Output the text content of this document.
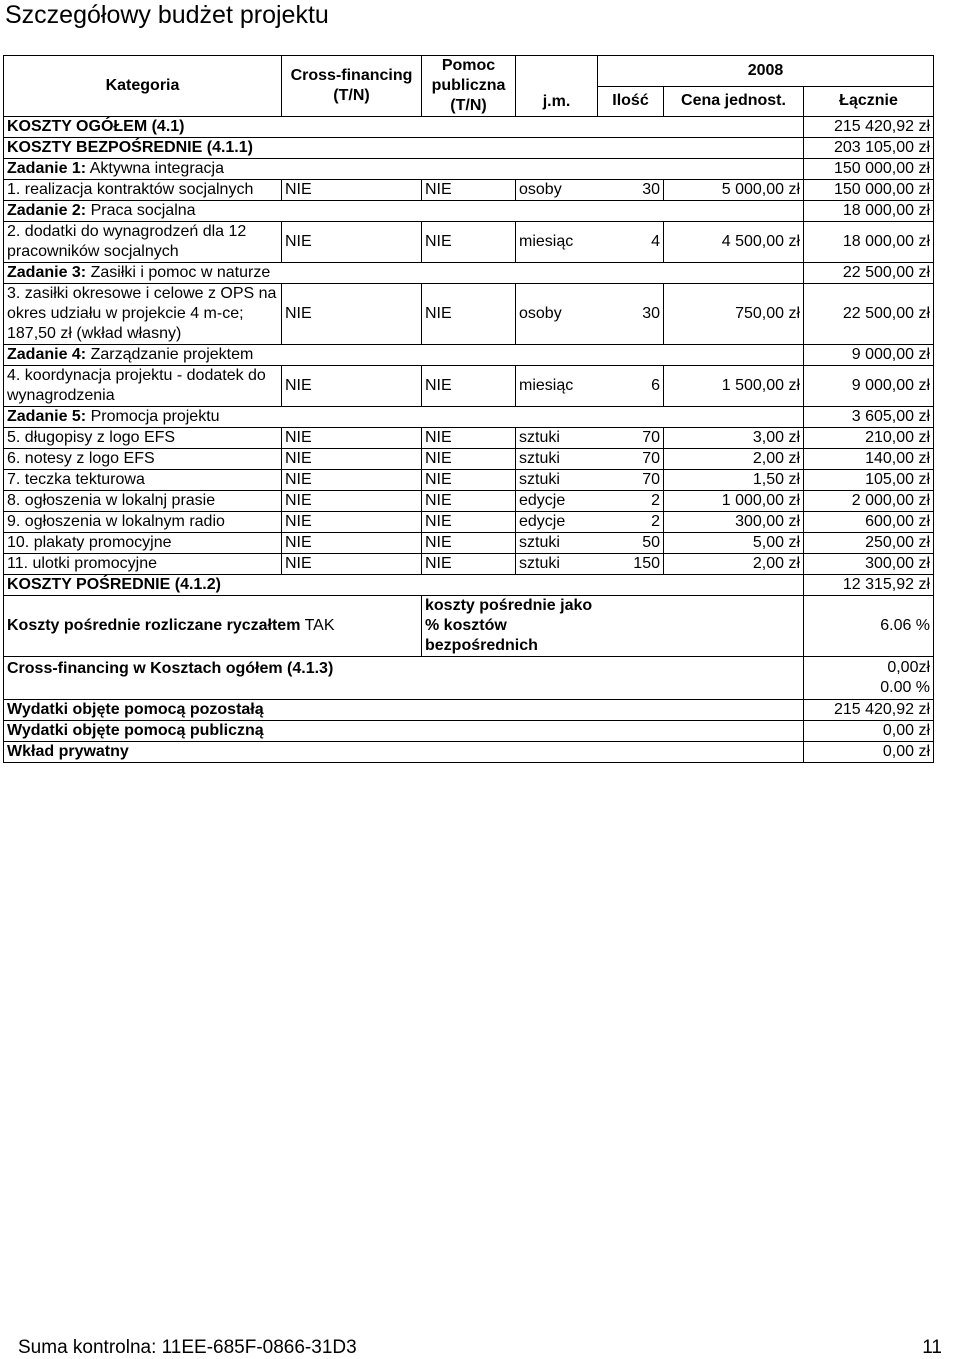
Szczegółowy budżet projektu
Kategoria	Cross-financing (T/N)	Pomoc publiczna (T/N)	j.m.	2008		
				Ilość	Cena jednost.	Łącznie
KOSZTY OGÓŁEM (4.1)						215 420,92 zł
KOSZTY BEZPOŚREDNIE (4.1.1)						203 105,00 zł
Zadanie 1: Aktywna integracja						150 000,00 zł
1. realizacja kontraktów socjalnych	NIE	NIE	osoby 30		5 000,00 zł	150 000,00 zł
Zadanie 2: Praca socjalna						18 000,00 zł
2. dodatki do wynagrodzeń dla 12 pracowników socjalnych	NIE	NIE	miesiąc 4		4 500,00 zł	18 000,00 zł
Zadanie 3: Zasiłki i pomoc w naturze						22 500,00 zł
3. zasiłki okresowe i celowe z OPS na okres udziału w projekcie 4 m-ce; 187,50 zł (wkład własny)	NIE	NIE	osoby 30		750,00 zł	22 500,00 zł
Zadanie 4: Zarządzanie projektem						9 000,00 zł
4. koordynacja projektu - dodatek do wynagrodzenia	NIE	NIE	miesiąc 6		1 500,00 zł	9 000,00 zł
Zadanie 5: Promocja projektu						3 605,00 zł
5. długopisy z logo EFS	NIE	NIE	sztuki 70		3,00 zł	210,00 zł
6. notesy z logo EFS	NIE	NIE	sztuki 70		2,00 zł	140,00 zł
7. teczka tekturowa	NIE	NIE	sztuki 70		1,50 zł	105,00 zł
8. ogłoszenia w lokalnj prasie	NIE	NIE	edycje 2		1 000,00 zł	2 000,00 zł
9. ogłoszenia w lokalnym radio	NIE	NIE	edycje 2		300,00 zł	600,00 zł
10. plakaty promocyjne	NIE	NIE	sztuki 50		5,00 zł	250,00 zł
11. ulotki promocyjne	NIE	NIE	sztuki 150		2,00 zł	300,00 zł
KOSZTY POŚREDNIE (4.1.2)						12 315,92 zł
Koszty pośrednie rozliczane ryczałtem TAK		koszty pośrednie jako % kosztów bezpośrednich				6.06 %
Cross-financing w Kosztach ogółem (4.1.3)						0,00zł
0.00 %

Wydatki objęte pomocą pozostałą						215 420,92 zł
Wydatki objęte pomocą publiczną						0,00 zł
Wkład prywatny						0,00 zł
Suma kontrolna: 11EE-685F-0866-31D3	11
